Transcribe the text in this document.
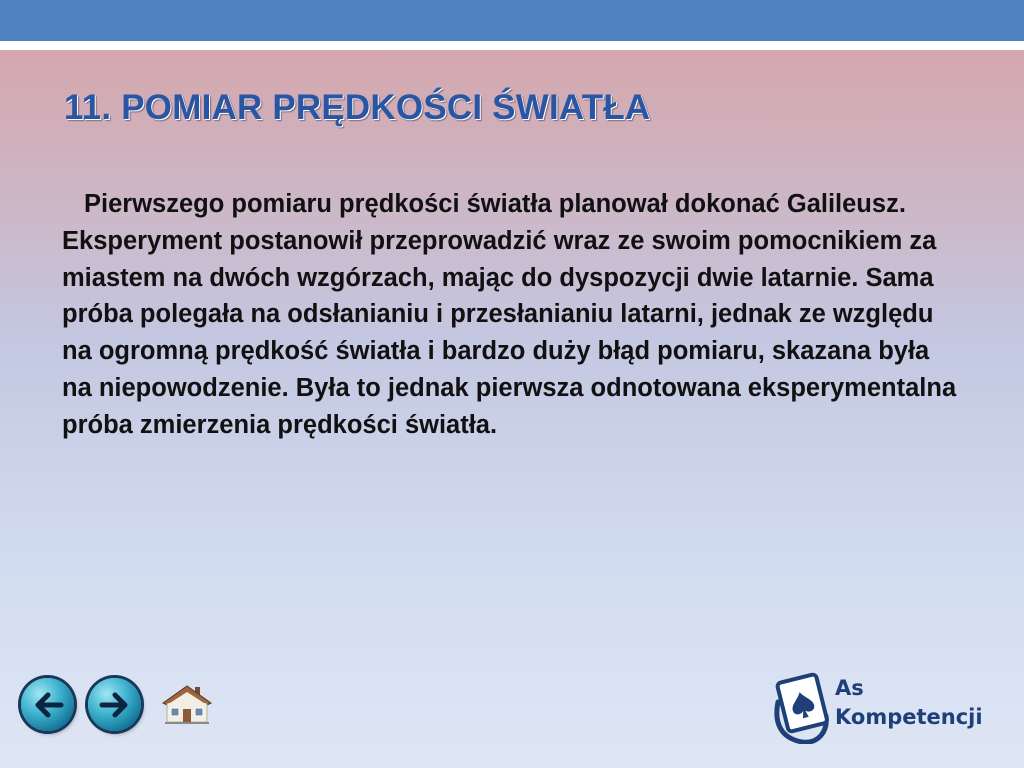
11. POMIAR PRĘDKOŚCI ŚWIATŁA

Pierwszego pomiaru prędkości światła planował dokonać Galileusz. Eksperyment postanowił przeprowadzić wraz ze swoim pomocnikiem za miastem na dwóch wzgórzach, mając do dyspozycji dwie latarnie. Sama próba polegała na odsłanianiu i przesłanianiu latarni, jednak ze względu na ogromną prędkość światła i bardzo duży błąd pomiaru, skazana była na niepowodzenie. Była to jednak pierwsza odnotowana eksperymentalna próba zmierzenia prędkości światła.

As
Kompetencji
